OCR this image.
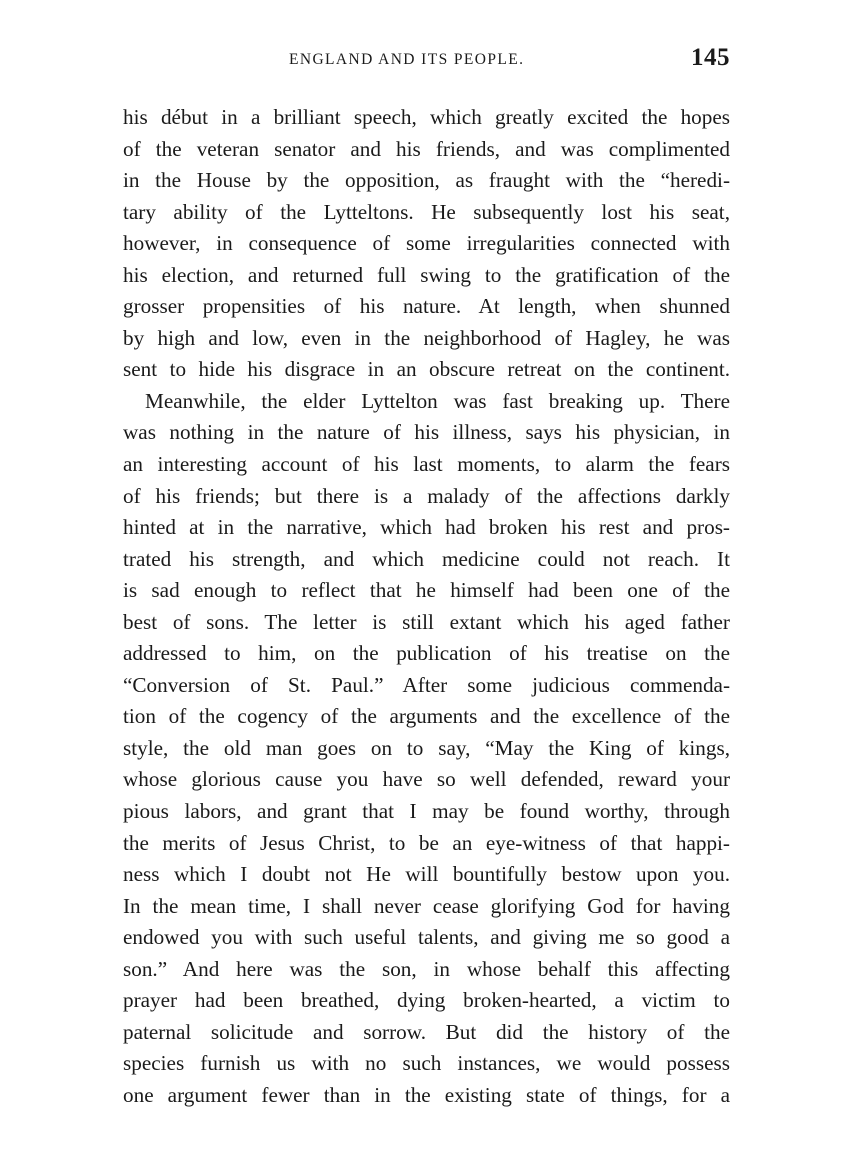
ENGLAND AND ITS PEOPLE.	145
his début in a brilliant speech, which greatly excited the hopes
of the veteran senator and his friends, and was complimented
in the House by the opposition, as fraught with the “heredi-
tary ability of the Lytteltons. He subsequently lost his seat,
however, in consequence of some irregularities connected with
his election, and returned full swing to the gratification of the
grosser propensities of his nature. At length, when shunned
by high and low, even in the neighborhood of Hagley, he was
sent to hide his disgrace in an obscure retreat on the continent.
Meanwhile, the elder Lyttelton was fast breaking up. There
was nothing in the nature of his illness, says his physician, in
an interesting account of his last moments, to alarm the fears
of his friends; but there is a malady of the affections darkly
hinted at in the narrative, which had broken his rest and pros-
trated his strength, and which medicine could not reach. It
is sad enough to reflect that he himself had been one of the
best of sons. The letter is still extant which his aged father
addressed to him, on the publication of his treatise on the
“Conversion of St. Paul.” After some judicious commenda-
tion of the cogency of the arguments and the excellence of the
style, the old man goes on to say, “May the King of kings,
whose glorious cause you have so well defended, reward your
pious labors, and grant that I may be found worthy, through
the merits of Jesus Christ, to be an eye-witness of that happi-
ness which I doubt not He will bountifully bestow upon you.
In the mean time, I shall never cease glorifying God for having
endowed you with such useful talents, and giving me so good a
son.” And here was the son, in whose behalf this affecting
prayer had been breathed, dying broken-hearted, a victim to
paternal solicitude and sorrow. But did the history of the
species furnish us with no such instances, we would possess
one argument fewer than in the existing state of things, for a
